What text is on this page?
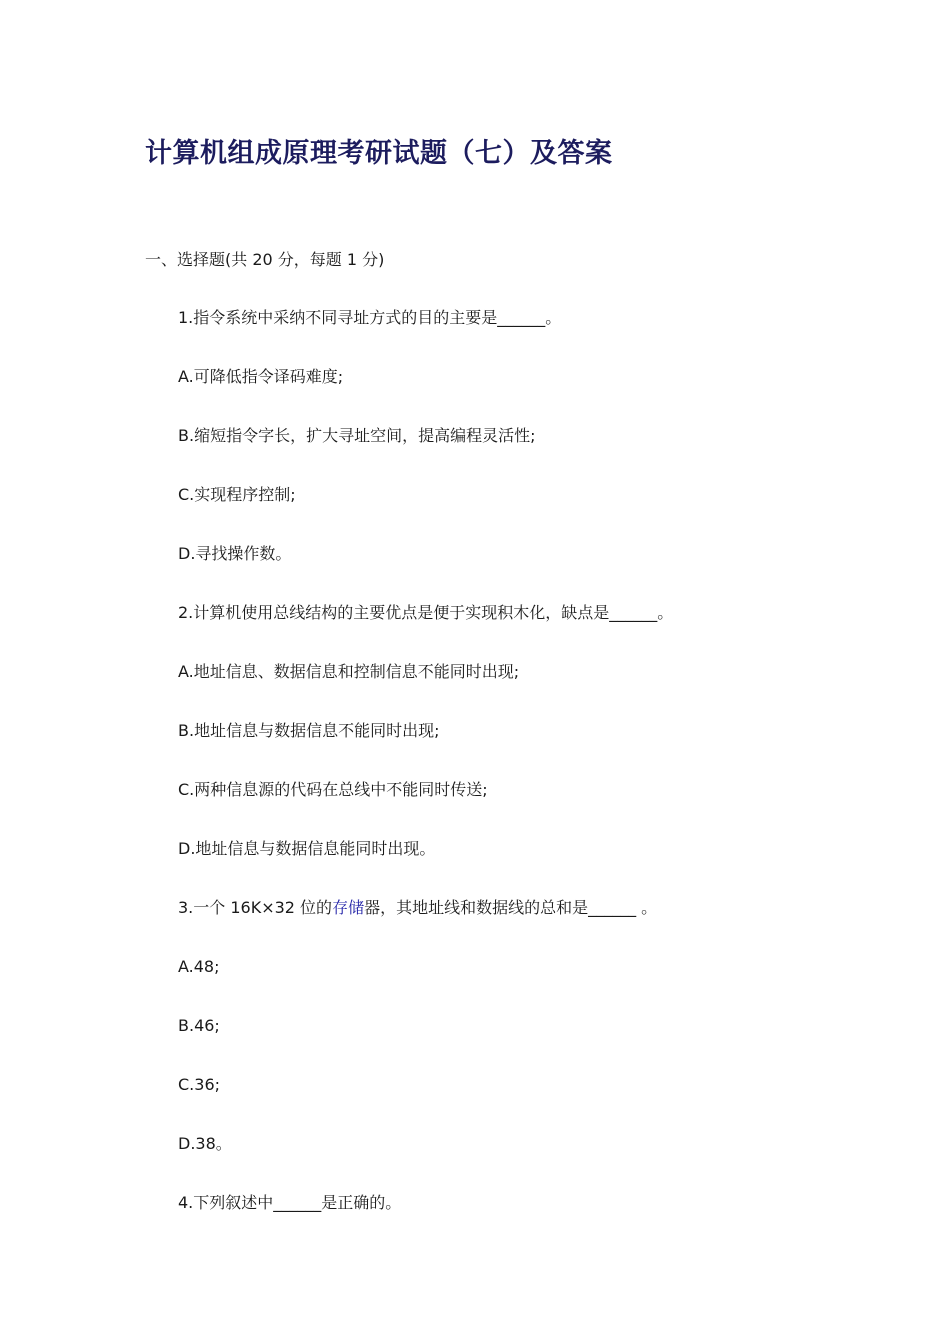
计算机组成原理考研试题（七）及答案
一、选择题(共 20 分，每题 1 分)
1.指令系统中采纳不同寻址方式的目的主要是______。
A.可降低指令译码难度;
B.缩短指令字长，扩大寻址空间，提高编程灵活性;
C.实现程序控制;
D.寻找操作数。
2.计算机使用总线结构的主要优点是便于实现积木化，缺点是______。
A.地址信息、数据信息和控制信息不能同时出现;
B.地址信息与数据信息不能同时出现;
C.两种信息源的代码在总线中不能同时传送;
D.地址信息与数据信息能同时出现。
3.一个 16K×32 位的存储器，其地址线和数据线的总和是______ 。
A.48;
B.46;
C.36;
D.38。
4.下列叙述中______是正确的。
